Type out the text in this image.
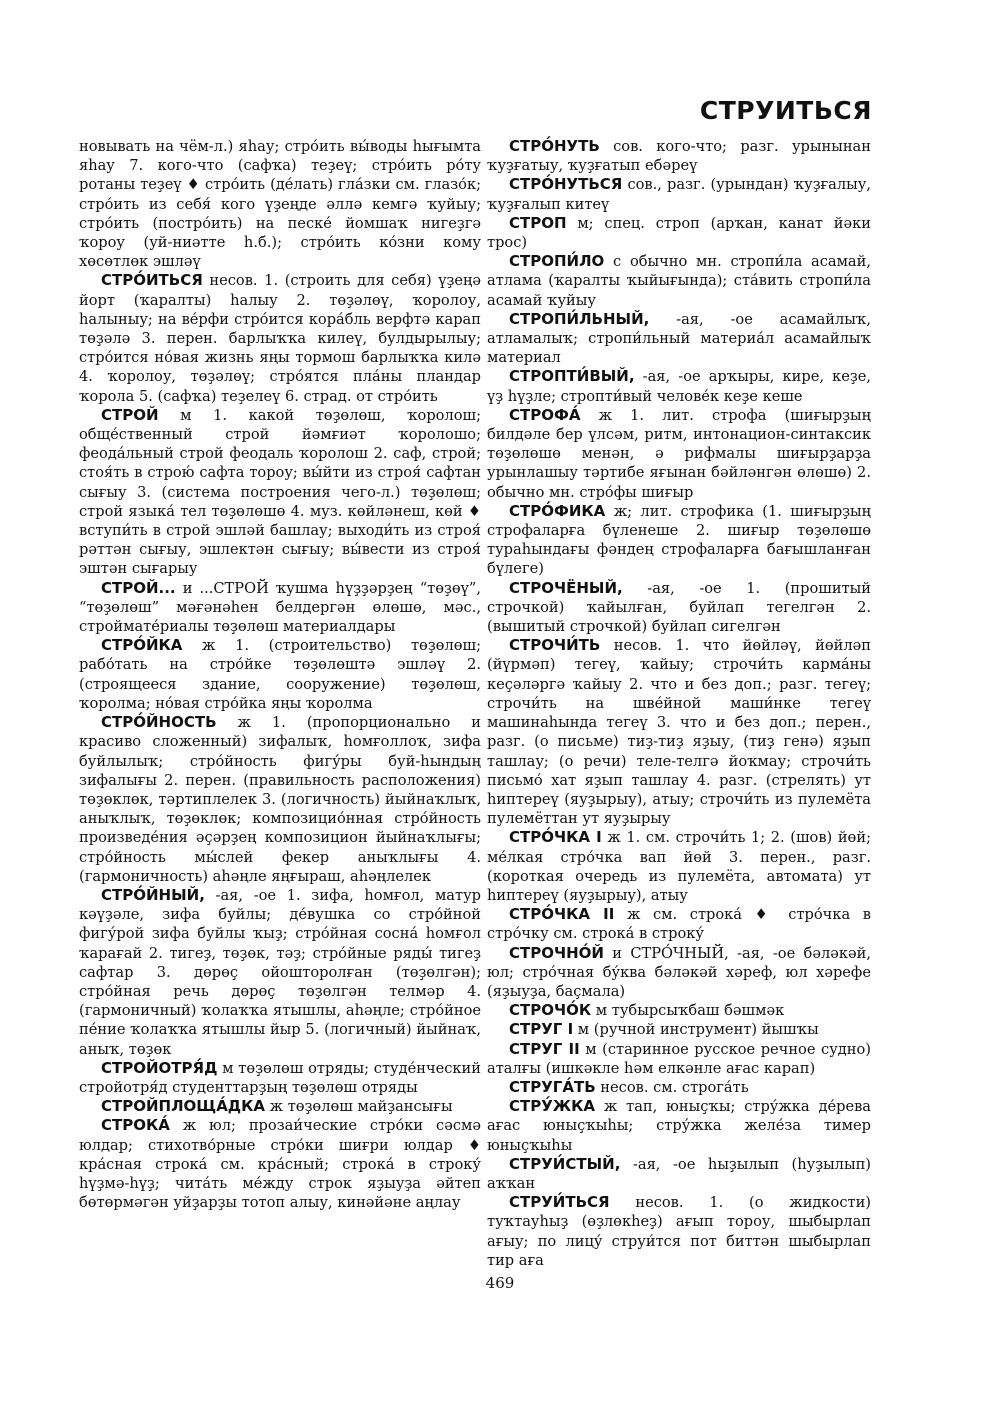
СТРУИТЬСЯ

новывать на чём-л.) яһау; стро́ить вы́воды һығымта яһау 7. кого-что (сафҡа) теҙеү; стро́ить ро́ту ротаны теҙеү ♦ стро́ить (де́лать) гла́зки см. глазо́к; стро́ить из себя́ кого үҙеңде әллә кемгә ҡуйыу; стро́ить (постро́ить) на песке́ йомшаҡ нигеҙгә ҡороу (уй-ниәтте һ.б.); стро́ить ко́зни кому хөсөтлөк эшләү

СТРО́ИТЬСЯ несов. 1. (строить для себя) үҙеңә йорт (ҡаралты) һалыу 2. төҙәлөү, ҡоролоу, һалыныу; на ве́рфи стро́ится кора́бль верфтә карап төҙәлә 3. перен. барлыҡҡа килеү, булдырылыу; стро́ится но́вая жизнь яңы тормош барлыҡҡа килә 4. ҡоролоу, төҙәлөү; стро́ятся пла́ны пландар ҡорола 5. (сафҡа) теҙелеү 6. страд. от стро́ить

СТРОЙ м 1. какой төҙөлөш, ҡоролош; обще́ственный строй йәмғиәт ҡоролошо; феода́льный строй феодаль ҡоролош 2. саф, строй; стоя́ть в строю́ сафта тороу; вы́йти из строя́ сафтан сығыу 3. (система построения чего-л.) төҙөлөш; строй языка́ тел төҙөлөшө 4. муз. көйләнеш, көй ♦ вступи́ть в строй эшләй башлау; выходи́ть из строя́ рәттән сығыу, эшлектән сығыу; вы́вести из строя́ эштән сығарыу

СТРОЙ... и ...СТРОЙ ҡушма һүҙҙәрҙең “төҙөү”, “төҙөлөш” мәғәнәһен белдергән өлөшө, мәс., строймате́риалы төҙөлөш материалдары

СТРО́ЙКА ж 1. (строительство) төҙөлөш; рабо́тать на стро́йке төҙөлөштә эшләү 2. (строящееся здание, сооружение) төҙөлөш, ҡоролма; но́вая стро́йка яңы ҡоролма

СТРО́ЙНОСТЬ ж 1. (пропорционально и красиво сложенный) зифалыҡ, һомғоллоҡ, зифа буйлылыҡ; стро́йность фигу́ры буй-һындың зифалығы 2. перен. (правильность расположения) төҙөклөк, тәртиплелек 3. (логичность) йыйнаҡлыҡ, аныҡлыҡ, төҙөклөк; композицио́нная стро́йность произведе́ния әҫәрҙең композицион йыйнаҡлығы; стро́йность мы́слей фекер аныҡлығы 4. (гармоничность) аһәңле яңғыраш, аһәңлелек

СТРО́ЙНЫЙ, -ая, -ое 1. зифа, һомғол, матур кәүҙәле, зифа буйлы; де́вушка со стро́йной фигу́рой зифа буйлы ҡыҙ; стро́йная сосна́ һомғол ҡарағай 2. тигеҙ, төҙөк, тәҙ; стро́йные ряды́ тигеҙ сафтар 3. дөрөҫ ойошторолған (төҙөлгән); стро́йная речь дөрөҫ төҙөлгән телмәр 4. (гармоничный) ҡолаҡҡа ятышлы, аһәңле; стро́йное пе́ние ҡолаҡҡа ятышлы йыр 5. (логичный) йыйнаҡ, аныҡ, төҙөк

СТРОЙОТРЯ́Д м төҙөлөш отряды; студе́нческий стройотря́д студенттарҙың төҙөлөш отряды

СТРОЙПЛОЩА́ДКА ж төҙөлөш майҙансығы

СТРОКА́ ж юл; прозаи́ческие стро́ки сәсмә юлдар; стихотво́рные стро́ки шиғри юлдар ♦ кра́сная строка́ см. кра́сный; строка́ в строку́ һүҙмә-һүҙ; чита́ть ме́жду строк яҙыуҙа әйтеп бөтөрмәгән уйҙарҙы тотоп алыу, кинәйәне аңлау

СТРО́НУТЬ сов. кого-что; разг. урынынан ҡуҙғатыу, ҡуҙғатып ебәреү

СТРО́НУТЬСЯ сов., разг. (урындан) ҡуҙғалыу, ҡуҙғалып китеү

СТРОП м; спец. строп (арҡан, канат йәки трос)

СТРОПИ́ЛО с обычно мн. стропи́ла асамай, атлама (ҡаралты ҡыйығында); ста́вить стропи́ла асамай ҡуйыу

СТРОПИ́ЛЬНЫЙ, -ая, -ое асамайлыҡ, атламалыҡ; стропи́льный материа́л асамайлыҡ материал

СТРОПТИ́ВЫЙ, -ая, -ое арҡыры, кире, кеҙе, үҙ һүҙле; стропти́вый челове́к кеҙе кеше

СТРОФА́ ж 1. лит. строфа (шиғырҙың билдәле бер үлсәм, ритм, интонацион-синтаксик төҙөлөшө менән, ә рифмалы шиғырҙарҙа урынлашыу тәртибе яғынан бәйләнгән өлөшө) 2. обычно мн. стро́фы шиғыр

СТРО́ФИКА ж; лит. строфика (1. шиғырҙың строфаларға бүленеше 2. шиғыр төҙөлөшө тураһындағы фәндең строфаларға бағышланған бүлеге)

СТРОЧЁНЫЙ, -ая, -ое 1. (прошитый строчкой) ҡайылған, буйлап тегелгән 2. (вышитый строчкой) буйлап сигелгән

СТРОЧИ́ТЬ несов. 1. что йөйләү, йөйләп (йүрмәп) тегеү, ҡайыу; строчи́ть карма́ны кеҫәләргә ҡайыу 2. что и без доп.; разг. тегеү; строчи́ть на шве́йной маши́нке тегеү машинаһында тегеү 3. что и без доп.; перен., разг. (о письме) тиҙ-тиҙ яҙыу, (тиҙ генә) яҙып ташлау; (о речи) теле-телгә йоҡмау; строчи́ть письмо́ хат яҙып ташлау 4. разг. (стрелять) ут һиптереү (яуҙырыу), атыу; строчи́ть из пулемёта пулемёттан ут яуҙырыу

СТРО́ЧКА I ж 1. см. строчи́ть 1; 2. (шов) йөй; ме́лкая стро́чка вап йөй 3. перен., разг. (короткая очередь из пулемёта, автомата) ут һиптереү (яуҙырыу), атыу

СТРО́ЧКА II ж см. строка́ ♦ стро́чка в стро́чку см. строка́ в строку́

СТРОЧНО́Й и СТРО́ЧНЫЙ, -ая, -ое бәләкәй, юл; стро́чная бу́ква бәләкәй хәреф, юл хәрефе (яҙыуҙа, баҫмала)

СТРОЧО́К м тубырсыҡбаш бәшмәк

СТРУГ I м (ручной инструмент) йышҡы

СТРУГ II м (старинное русское речное судно) аталғы (ишкәкле һәм елкәнле ағас карап)

СТРУГА́ТЬ несов. см. строга́ть

СТРУ́ЖКА ж тап, юныҫҡы; стру́жка де́рева ағас юныҫҡыһы; стру́жка желе́за тимер юныҫҡыһы

СТРУИ́СТЫЙ, -ая, -ое һыҙылып (һуҙылып) аҡҡан

СТРУИ́ТЬСЯ несов. 1. (о жидкости) туҡтауһыҙ (өҙлөкһеҙ) ағып тороу, шыбырлап ағыу; по лицу́ струи́тся пот биттән шыбырлап тир аға

469
